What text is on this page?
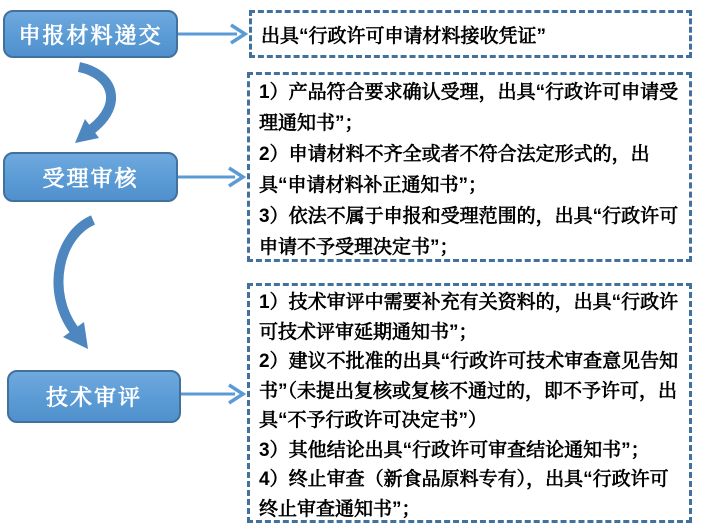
申报材料递交
受理审核
技术审评

出具“行政许可申请材料接收凭证”

1）产品符合要求确认受理，出具“行政许可申请受理通知书”；

2）申请材料不齐全或者不符合法定形式的，出具“申请材料补正通知书”；

3）依法不属于申报和受理范围的，出具“行政许可申请不予受理决定书”；

1）技术审评中需要补充有关资料的，出具“行政许可技术评审延期通知书”；

2）建议不批准的出具“行政许可技术审查意见告知书”（未提出复核或复核不通过的，即不予许可，出具“不予行政许可决定书”）

3）其他结论出具“行政许可审查结论通知书”；

4）终止审查（新食品原料专有），出具“行政许可终止审查通知书”；
